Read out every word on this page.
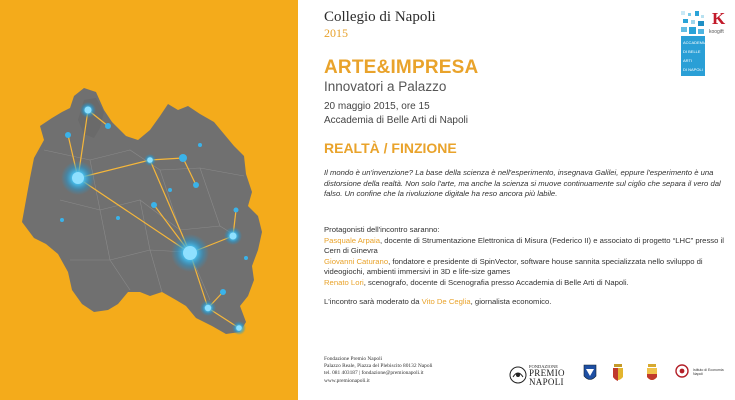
Collegio di Napoli
2015
ACCADEMIA
DI BELLE
ARTI
DI NAPOLI
K
koogift
ARTE&IMPRESA
Innovatori a Palazzo
20 maggio 2015, ore 15
Accademia di Belle Arti di Napoli
REALTÀ / FINZIONE
Il mondo è un'invenzione? La base della scienza è nell'esperimento, insegnava Galilei, eppure l'esperimento è una distorsione della realtà. Non solo l'arte, ma anche la scienza si muove continuamente sul ciglio che separa il vero dal falso. Un confine che la rivoluzione digitale ha reso ancora più labile.

Protagonisti dell'incontro saranno:

Pasquale Arpaia, docente di Strumentazione Elettronica di Misura (Federico II) e associato di progetto “LHC” presso il Cern di Ginevra

Giovanni Caturano, fondatore e presidente di SpinVector, software house sannita specializzata nello sviluppo di videogiochi, ambienti immersivi in 3D e life-size games

Renato Lori, scenografo, docente di Scenografia presso Accademia di Belle Arti di Napoli.

L'incontro sarà moderato da Vito De Ceglia, giornalista economico.
Fondazione Premio Napoli
Palazzo Reale, Piazza del Plebiscito 80132 Napoli
tel. 081 403187 | fondazione@premionapoli.it
www.premionapoli.it
FONDAZIONE
PREMIO
NAPOLI
Istituto di Economia Napoli
